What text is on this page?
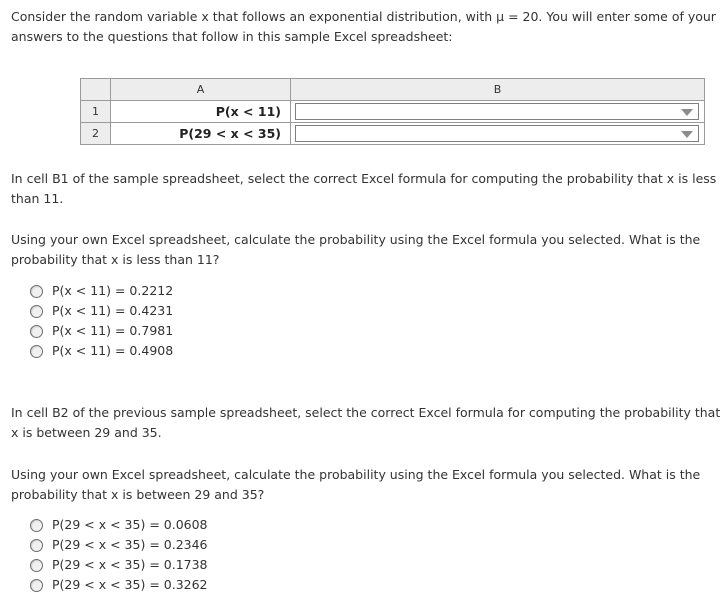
Consider the random variable x that follows an exponential distribution, with μ = 20. You will enter some of your answers to the questions that follow in this sample Excel spreadsheet:

	A	B
1	P(x < 11)	

2	P(29 < x < 35)	

In cell B1 of the sample spreadsheet, select the correct Excel formula for computing the probability that x is less than 11.

Using your own Excel spreadsheet, calculate the probability using the Excel formula you selected. What is the probability that x is less than 11?

P(x < 11) = 0.2212
P(x < 11) = 0.4231
P(x < 11) = 0.7981
P(x < 11) = 0.4908

In cell B2 of the previous sample spreadsheet, select the correct Excel formula for computing the probability that x is between 29 and 35.

Using your own Excel spreadsheet, calculate the probability using the Excel formula you selected. What is the probability that x is between 29 and 35?

P(29 < x < 35) = 0.0608
P(29 < x < 35) = 0.2346
P(29 < x < 35) = 0.1738
P(29 < x < 35) = 0.3262
